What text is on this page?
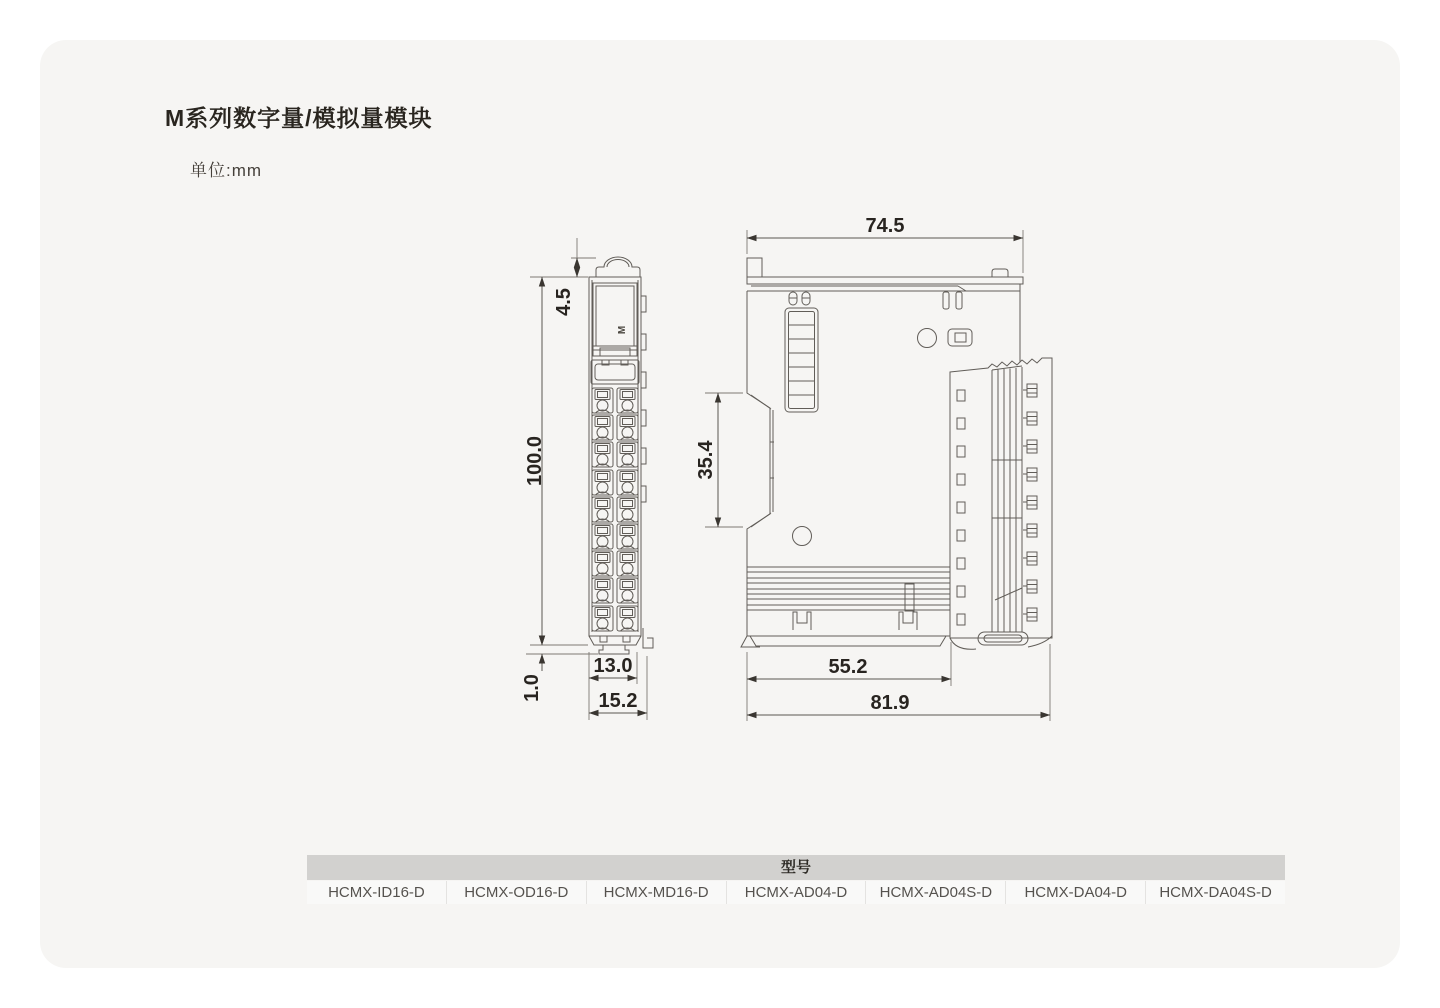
M系列数字量/模拟量模块
单位:mm
M
4.5
100.0
1.0
13.0
15.2
74.5
35.4
55.2
81.9
型号
HCMX-ID16-D	HCMX-OD16-D	HCMX-MD16-D	HCMX-AD04-D	HCMX-AD04S-D	HCMX-DA04-D	HCMX-DA04S-D
